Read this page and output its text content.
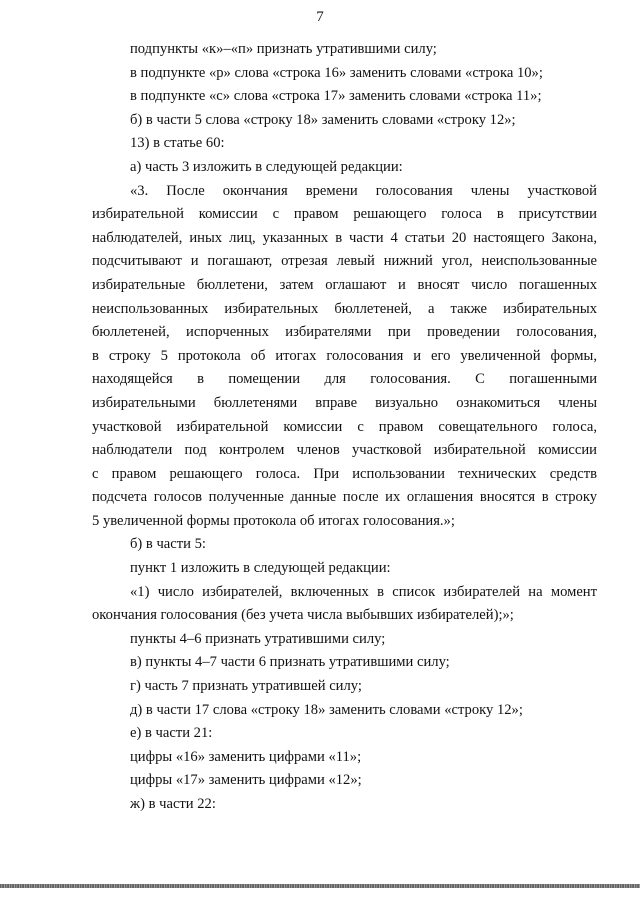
7
подпункты «к»–«п» признать утратившими силу;
в подпункте «р» слова «строка 16» заменить словами «строка 10»;
в подпункте «с» слова «строка 17» заменить словами «строка 11»;
б) в части 5 слова «строку 18» заменить словами «строку 12»;
13) в статье 60:
а) часть 3 изложить в следующей редакции:
«3. После окончания времени голосования члены участковой
избирательной комиссии с правом решающего голоса в присутствии
наблюдателей, иных лиц, указанных в части 4 статьи 20 настоящего Закона,
подсчитывают и погашают, отрезая левый нижний угол, неиспользованные
избирательные бюллетени, затем оглашают и вносят число погашенных
неиспользованных избирательных бюллетеней, а также избирательных
бюллетеней, испорченных избирателями при проведении голосования,
в строку 5 протокола об итогах голосования и его увеличенной формы,
находящейся в помещении для голосования. С погашенными
избирательными бюллетенями вправе визуально ознакомиться члены
участковой избирательной комиссии с правом совещательного голоса,
наблюдатели под контролем членов участковой избирательной комиссии
с правом решающего голоса. При использовании технических средств
подсчета голосов полученные данные после их оглашения вносятся в строку
5 увеличенной формы протокола об итогах голосования.»;
б) в части 5:
пункт 1 изложить в следующей редакции:
«1) число избирателей, включенных в список избирателей на момент
окончания голосования (без учета числа выбывших избирателей);»;
пункты 4–6 признать утратившими силу;
в) пункты 4–7 части 6 признать утратившими силу;
г) часть 7 признать утратившей силу;
д) в части 17 слова «строку 18» заменить словами «строку 12»;
е) в части 21:
цифры «16» заменить цифрами «11»;
цифры «17» заменить цифрами «12»;
ж) в части 22:
